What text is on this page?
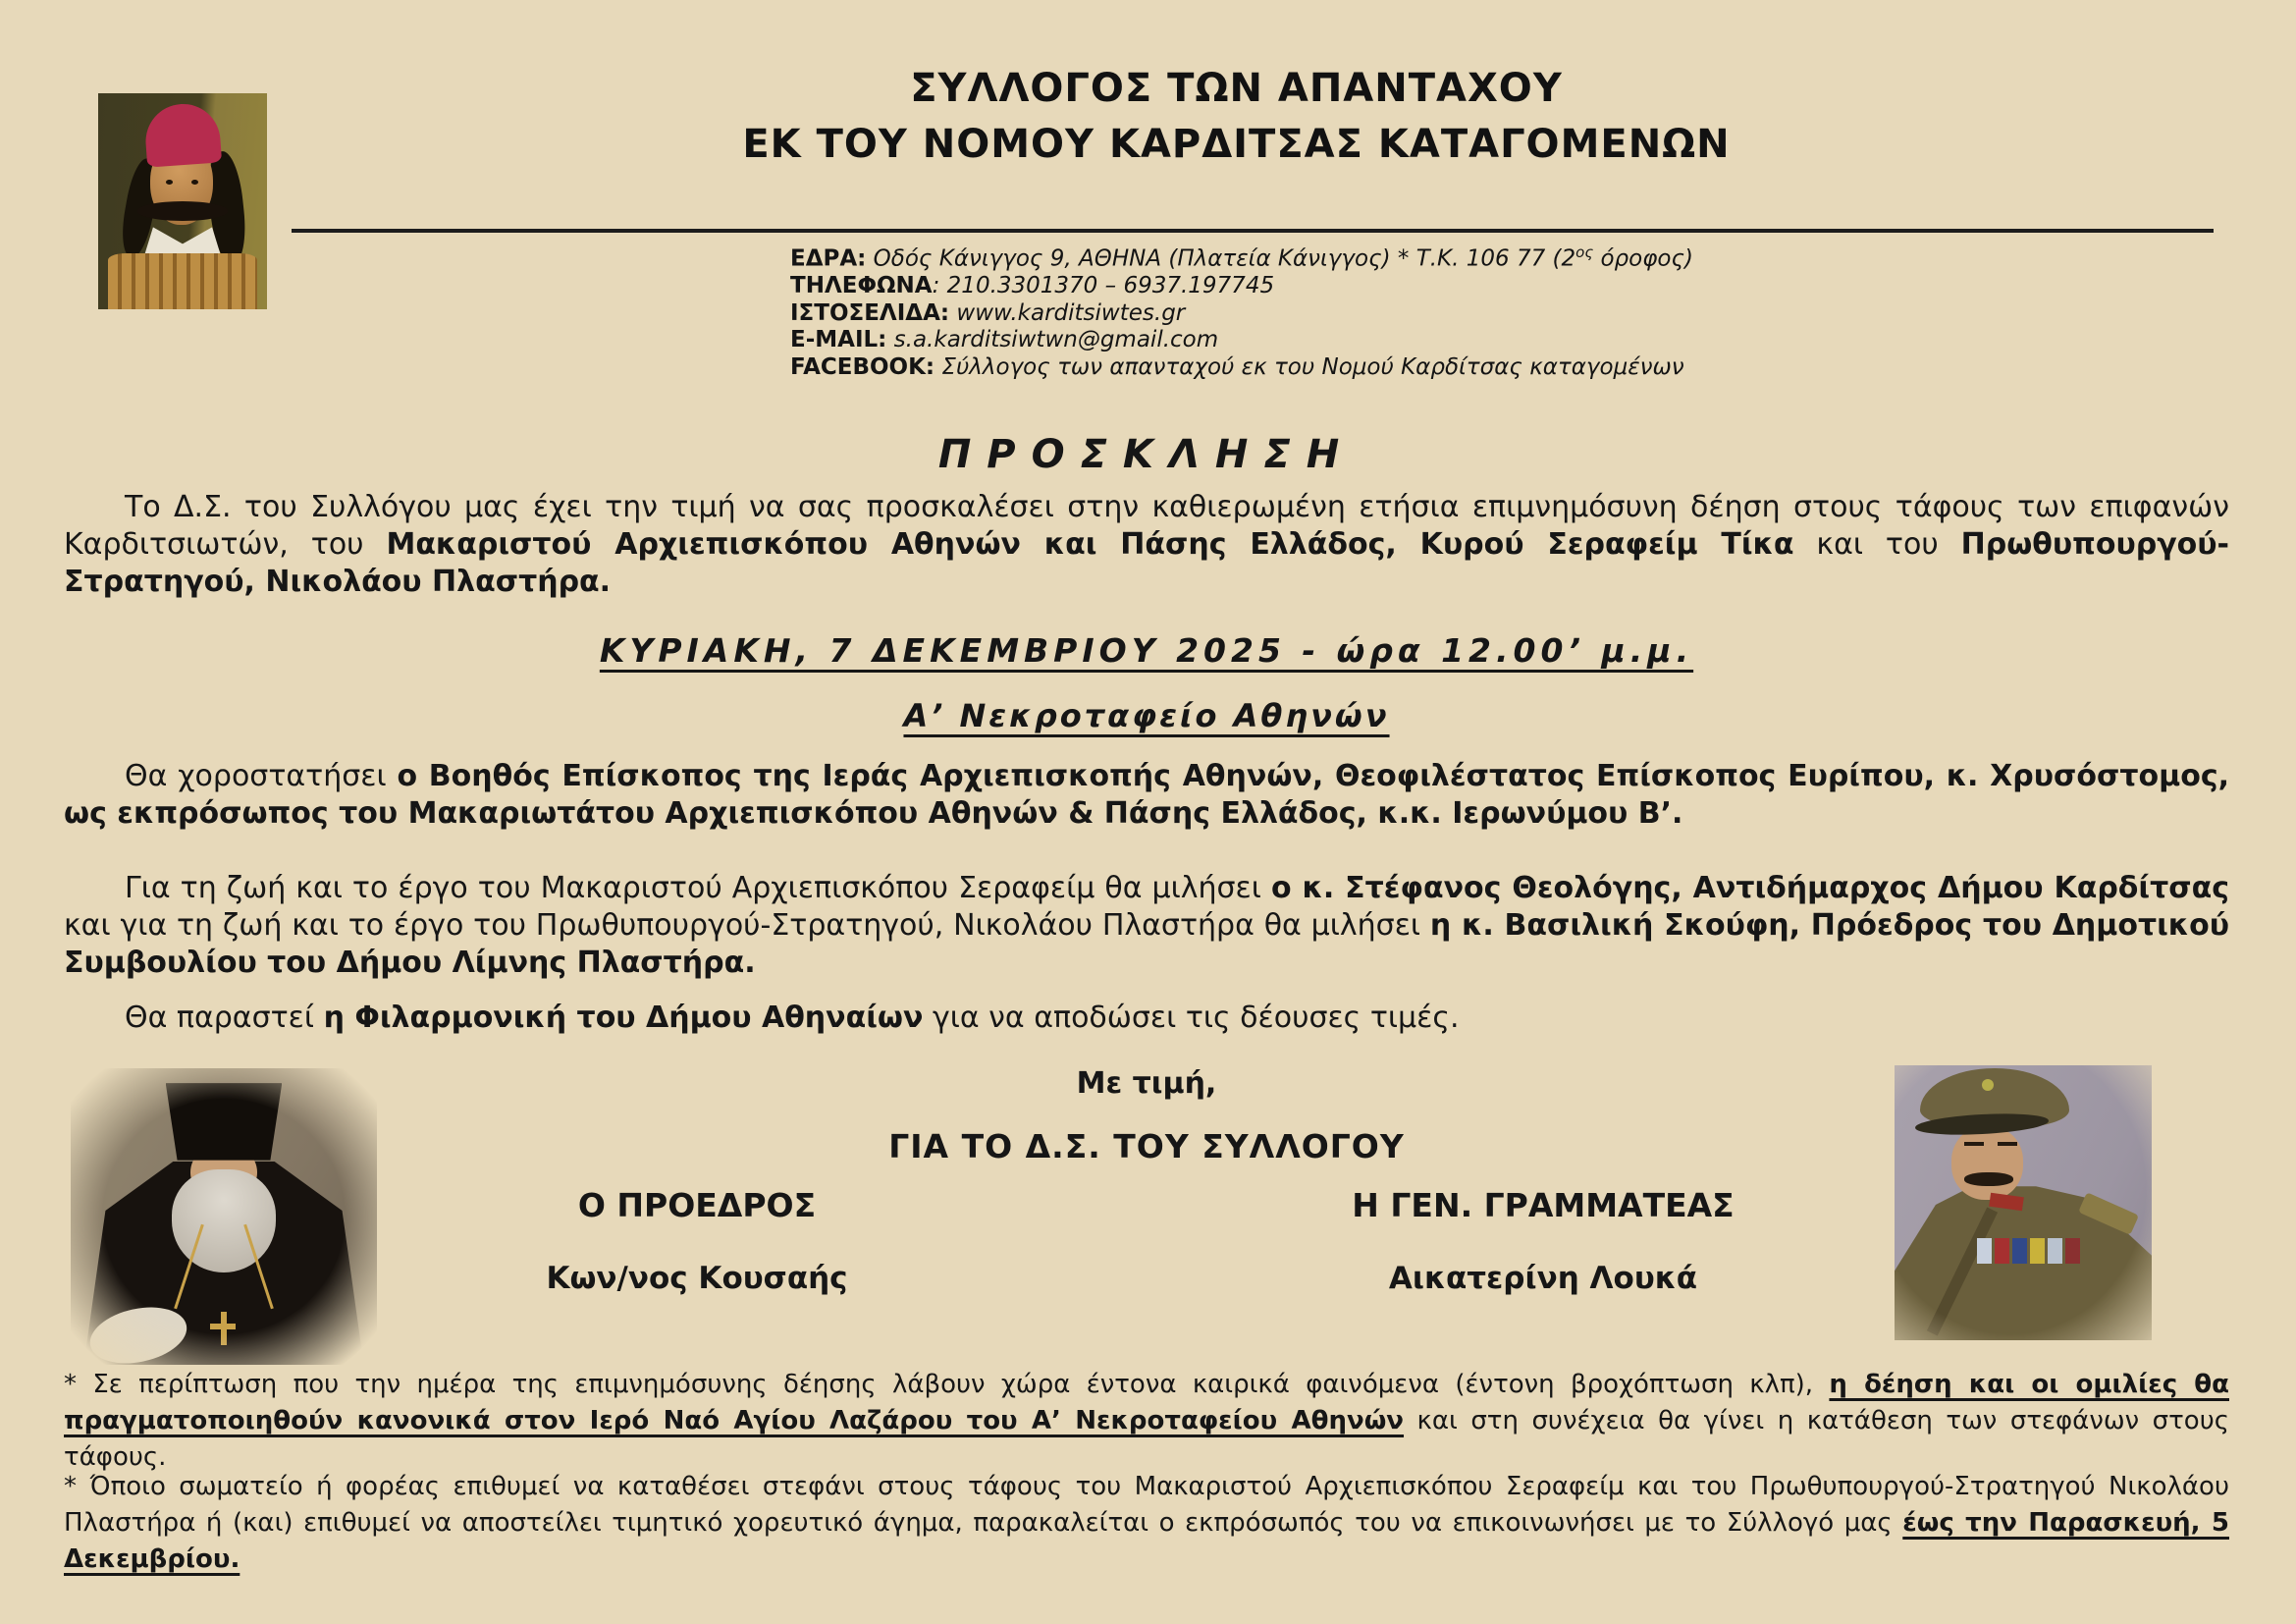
ΣΥΛΛΟΓΟΣ ΤΩΝ ΑΠΑΝΤΑΧΟΥ
ΕΚ ΤΟΥ ΝΟΜΟΥ ΚΑΡΔΙΤΣΑΣ ΚΑΤΑΓΟΜΕΝΩΝ
ΕΔΡΑ: Οδός Κάνιγγος 9, ΑΘΗΝΑ (Πλατεία Κάνιγγος) * Τ.Κ. 106 77 ($2^{o\varsigma}$ όροφος)
ΤΗΛΕΦΩΝΑ: 210.3301370 – 6937.197745
ΙΣΤΟΣΕΛΙΔΑ: www.karditsiwtes.gr
E-MAIL: s.a.karditsiwtwn@gmail.com
FACEBOOK: Σύλλογος των απανταχού εκ του Νομού Καρδίτσας καταγομένων
ΠΡΟΣΚΛΗΣΗ
Το Δ.Σ. του Συλλόγου μας έχει την τιμή να σας προσκαλέσει στην καθιερωμένη ετήσια επιμνημόσυνη δέηση στους τάφους των επιφανών Καρδιτσιωτών, του Μακαριστού Αρχιεπισκόπου Αθηνών και Πάσης Ελλάδος, Κυρού Σεραφείμ Τίκα και του Πρωθυπουργού-Στρατηγού, Νικολάου Πλαστήρα.
ΚΥΡΙΑΚΗ, 7 ΔΕΚΕΜΒΡΙΟΥ 2025 - ώρα 12.00’ μ.μ.
Α’ Νεκροταφείο Αθηνών
Θα χοροστατήσει ο Βοηθός Επίσκοπος της Ιεράς Αρχιεπισκοπής Αθηνών, Θεοφιλέστατος Επίσκοπος Ευρίπου, κ. Χρυσόστομος, ως εκπρόσωπος του Μακαριωτάτου Αρχιεπισκόπου Αθηνών & Πάσης Ελλάδος, κ.κ. Ιερωνύμου Β’.
Για τη ζωή και το έργο του Μακαριστού Αρχιεπισκόπου Σεραφείμ θα μιλήσει ο κ. Στέφανος Θεολόγης, Αντιδήμαρχος Δήμου Καρδίτσας και για τη ζωή και το έργο του Πρωθυπουργού-Στρατηγού, Νικολάου Πλαστήρα θα μιλήσει η κ. Βασιλική Σκούφη, Πρόεδρος του Δημοτικού Συμβουλίου του Δήμου Λίμνης Πλαστήρα.
Θα παραστεί η Φιλαρμονική του Δήμου Αθηναίων για να αποδώσει τις δέουσες τιμές.
Με τιμή,
ΓΙΑ ΤΟ Δ.Σ. ΤΟΥ ΣΥΛΛΟΓΟΥ
Ο ΠΡΟΕΔΡΟΣ
Κων/νος Κουσαής
Η ΓΕΝ. ΓΡΑΜΜΑΤΕΑΣ
Αικατερίνη Λουκά
* Σε περίπτωση που την ημέρα της επιμνημόσυνης δέησης λάβουν χώρα έντονα καιρικά φαινόμενα (έντονη βροχόπτωση κλπ), η δέηση και οι ομιλίες θα πραγματοποιηθούν κανονικά στον Ιερό Ναό Αγίου Λαζάρου του Α’ Νεκροταφείου Αθηνών και στη συνέχεια θα γίνει η κατάθεση των στεφάνων στους τάφους.
* Όποιο σωματείο ή φορέας επιθυμεί να καταθέσει στεφάνι στους τάφους του Μακαριστού Αρχιεπισκόπου Σεραφείμ και του Πρωθυπουργού-Στρατηγού Νικολάου Πλαστήρα ή (και) επιθυμεί να αποστείλει τιμητικό χορευτικό άγημα, παρακαλείται ο εκπρόσωπός του να επικοινωνήσει με το Σύλλογό μας έως την Παρασκευή, 5 Δεκεμβρίου.
